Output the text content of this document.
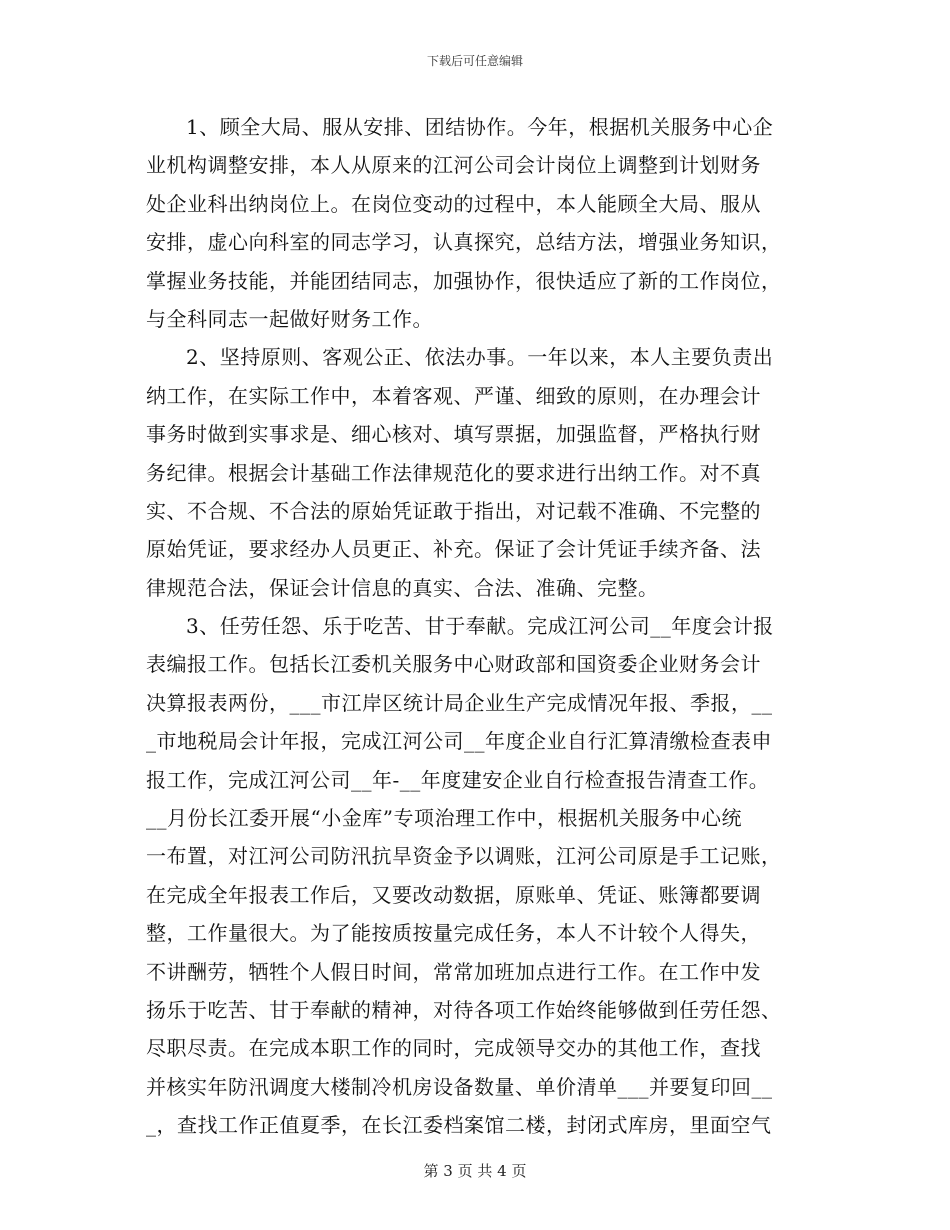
下载后可任意编辑
1、顾全大局、服从安排、团结协作。今年，根据机关服务中心企
业机构调整安排，本人从原来的江河公司会计岗位上调整到计划财务
处企业科出纳岗位上。在岗位变动的过程中，本人能顾全大局、服从
安排，虚心向科室的同志学习，认真探究，总结方法，增强业务知识，
掌握业务技能，并能团结同志，加强协作，很快适应了新的工作岗位，
与全科同志一起做好财务工作。
2、坚持原则、客观公正、依法办事。一年以来，本人主要负责出
纳工作，在实际工作中，本着客观、严谨、细致的原则，在办理会计
事务时做到实事求是、细心核对、填写票据，加强监督，严格执行财
务纪律。根据会计基础工作法律规范化的要求进行出纳工作。对不真
实、不合规、不合法的原始凭证敢于指出，对记载不准确、不完整的
原始凭证，要求经办人员更正、补充。保证了会计凭证手续齐备、法
律规范合法，保证会计信息的真实、合法、准确、完整。
3、任劳任怨、乐于吃苦、甘于奉献。完成江河公司__年度会计报
表编报工作。包括长江委机关服务中心财政部和国资委企业财务会计
决算报表两份，___市江岸区统计局企业生产完成情况年报、季报，__
_市地税局会计年报，完成江河公司__年度企业自行汇算清缴检查表申
报工作，完成江河公司__年-__年度建安企业自行检查报告清查工作。
__月份长江委开展“小金库”专项治理工作中，根据机关服务中心统
一布置，对江河公司防汛抗旱资金予以调账，江河公司原是手工记账，
在完成全年报表工作后，又要改动数据，原账单、凭证、账簿都要调
整，工作量很大。为了能按质按量完成任务，本人不计较个人得失，
不讲酬劳，牺牲个人假日时间，常常加班加点进行工作。在工作中发
扬乐于吃苦、甘于奉献的精神，对待各项工作始终能够做到任劳任怨、
尽职尽责。在完成本职工作的同时，完成领导交办的其他工作，查找
并核实年防汛调度大楼制冷机房设备数量、单价清单___并要复印回__
_，查找工作正值夏季，在长江委档案馆二楼，封闭式库房，里面空气
第 3 页 共 4 页
